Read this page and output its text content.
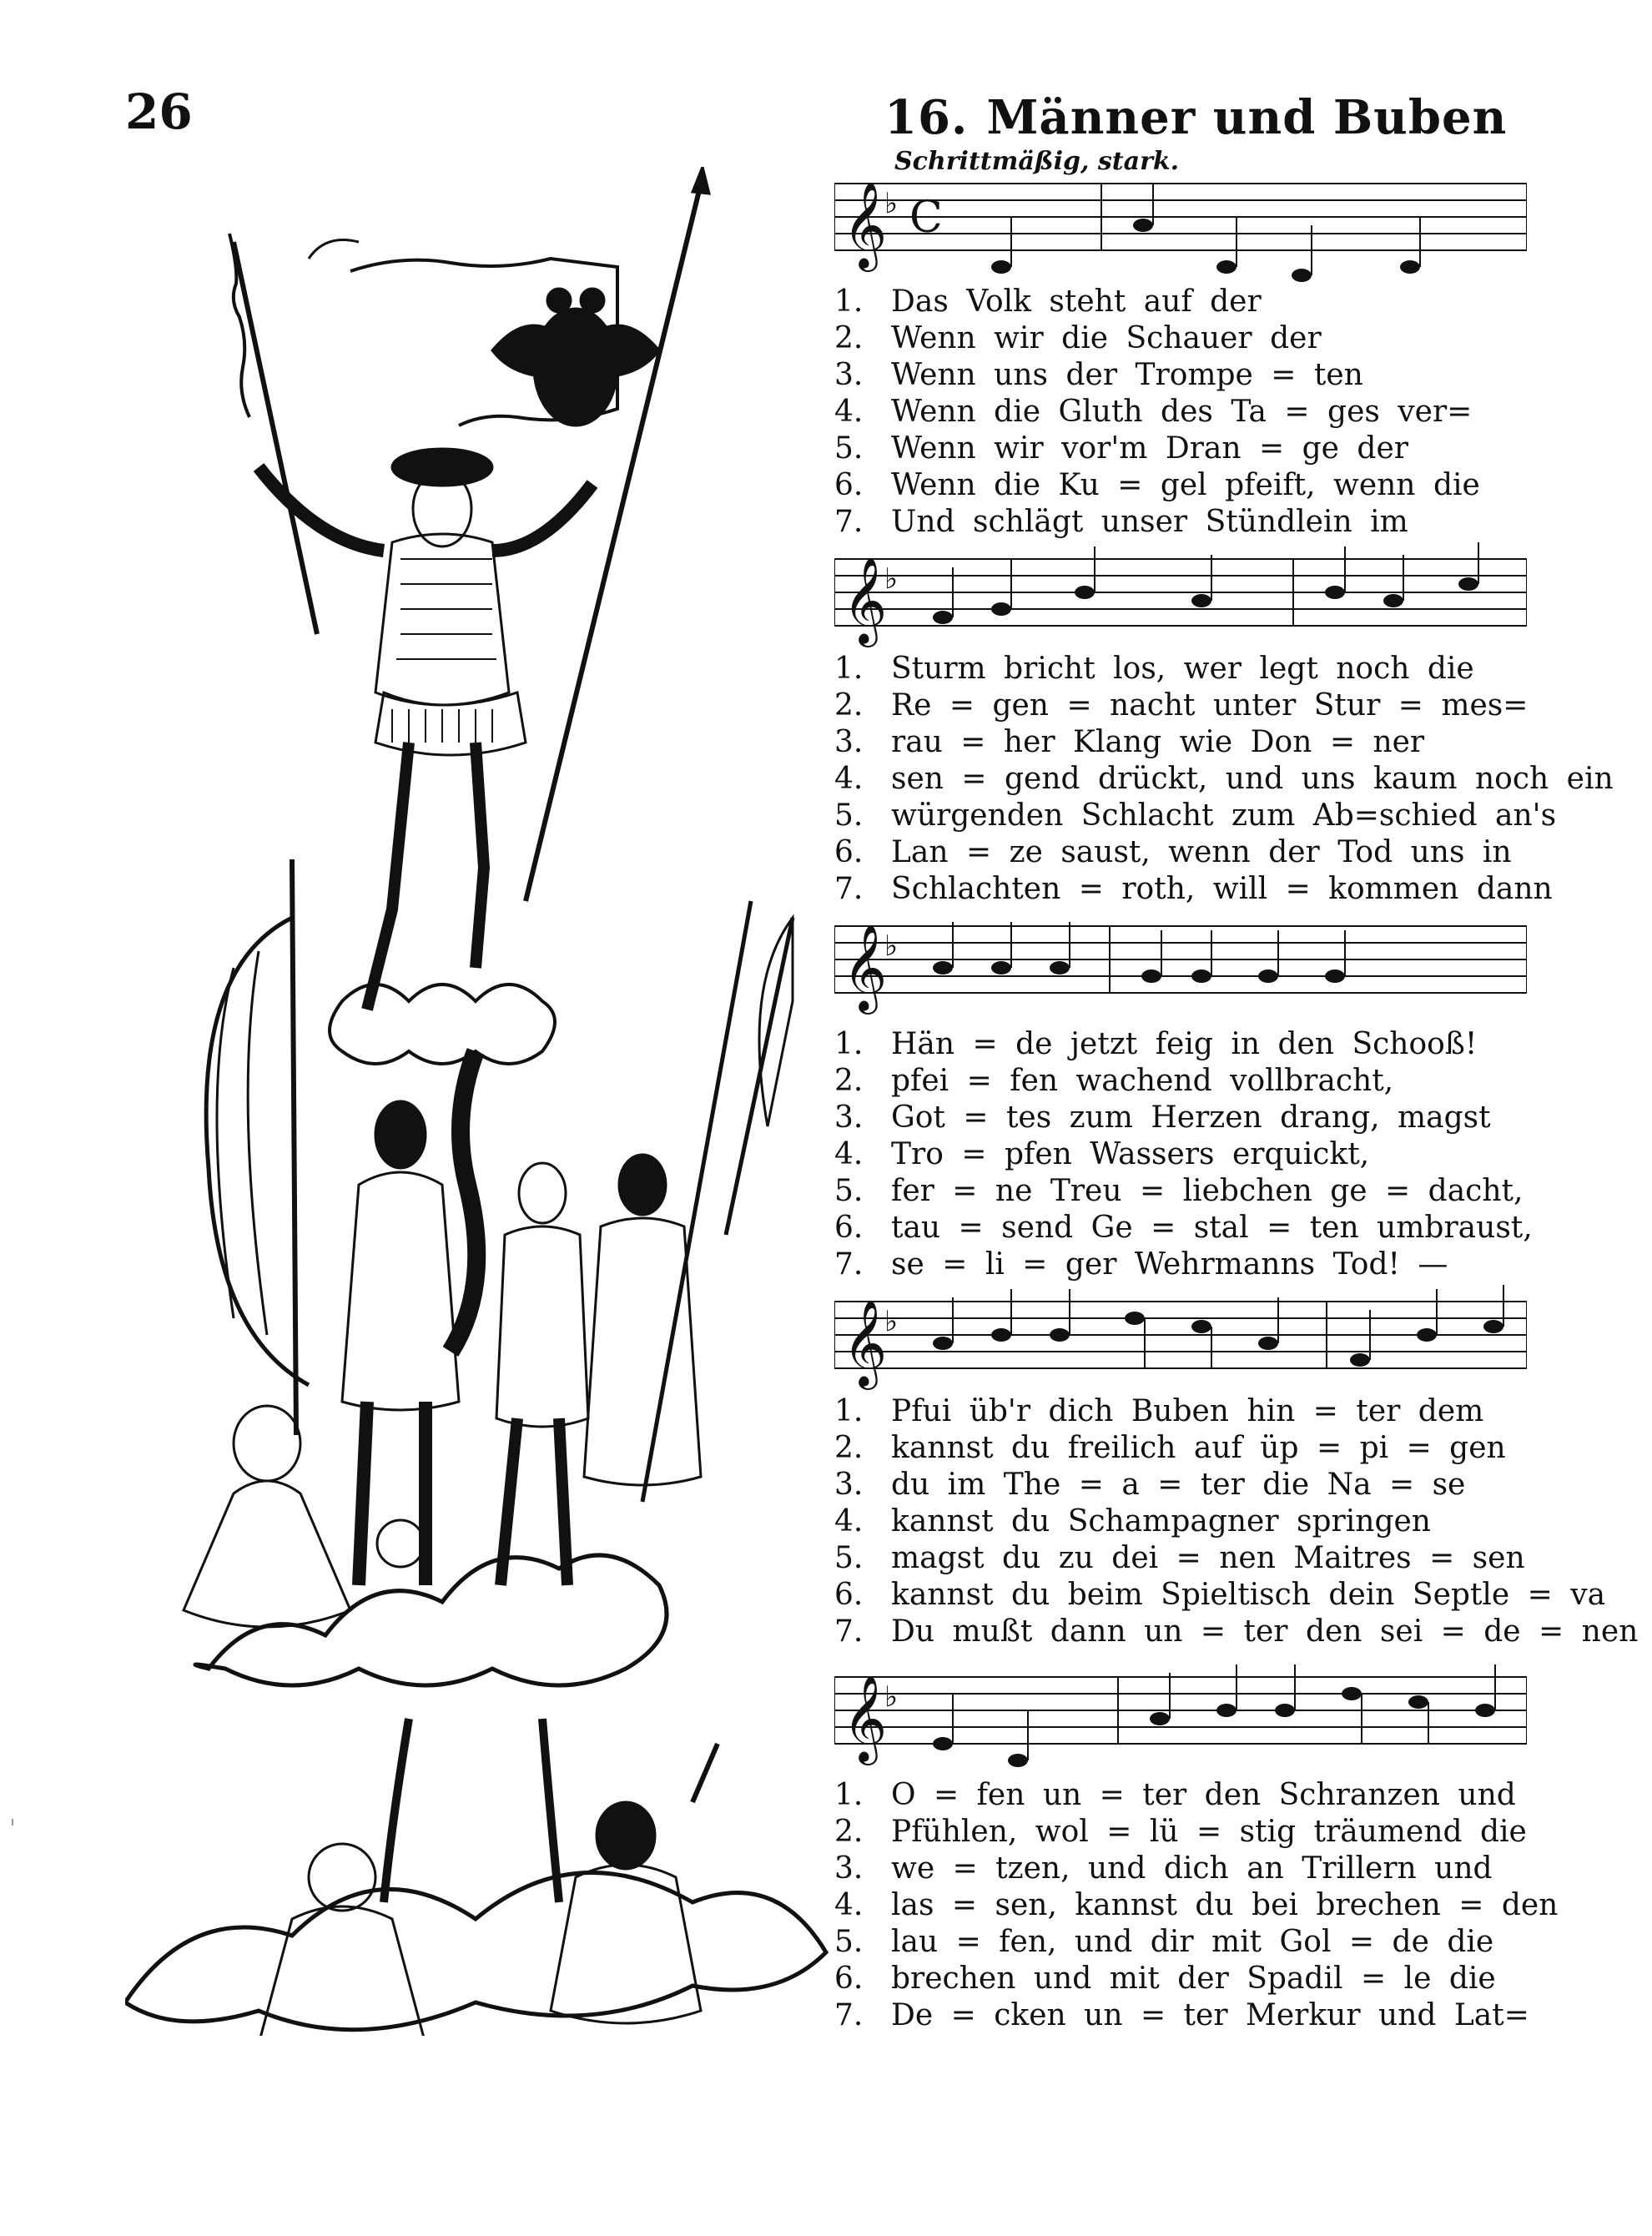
26	16. Männer und Buben
Schrittmäßig, stark.
𝄞
♭ C
1. Das Volk steht auf der
2. Wenn wir die Schauer der
3. Wenn uns der Trompe = ten
4. Wenn die Gluth des Ta = ges ver=
5. Wenn wir vor'm Dran = ge der
6. Wenn die Ku = gel pfeift, wenn die
7. Und schlägt unser Stündlein im
𝄞
♭
1. Sturm bricht los, wer legt noch die
2. Re = gen = nacht unter Stur = mes=
3. rau = her Klang wie Don = ner
4. sen = gend drückt, und uns kaum noch ein
5. würgenden Schlacht zum Ab=schied an's
6. Lan = ze saust, wenn der Tod uns in
7. Schlachten = roth, will = kommen dann
𝄞
♭
1. Hän = de jetzt feig in den Schooß!
2. pfei = fen wachend vollbracht,
3. Got = tes zum Herzen drang, magst
4. Tro = pfen Wassers erquickt,
5. fer = ne Treu = liebchen ge = dacht,
6. tau = send Ge = stal = ten umbraust,
7. se = li = ger Wehrmanns Tod! —
𝄞
♭
1. Pfui üb'r dich Buben hin = ter dem
2. kannst du freilich auf üp = pi = gen
3. du im The = a = ter die Na = se
4. kannst du Schampagner springen
5. magst du zu dei = nen Maitres = sen
6. kannst du beim Spieltisch dein Septle = va
7. Du mußt dann un = ter den sei = de = nen
𝄞
♭
1. O = fen un = ter den Schranzen und
2. Pfühlen, wol = lü = stig träumend die
3. we = tzen, und dich an Trillern und
4. las = sen, kannst du bei brechen = den
5. lau = fen, und dir mit Gol = de die
6. brechen und mit der Spadil = le die
7. De = cken un = ter Merkur und Lat=
